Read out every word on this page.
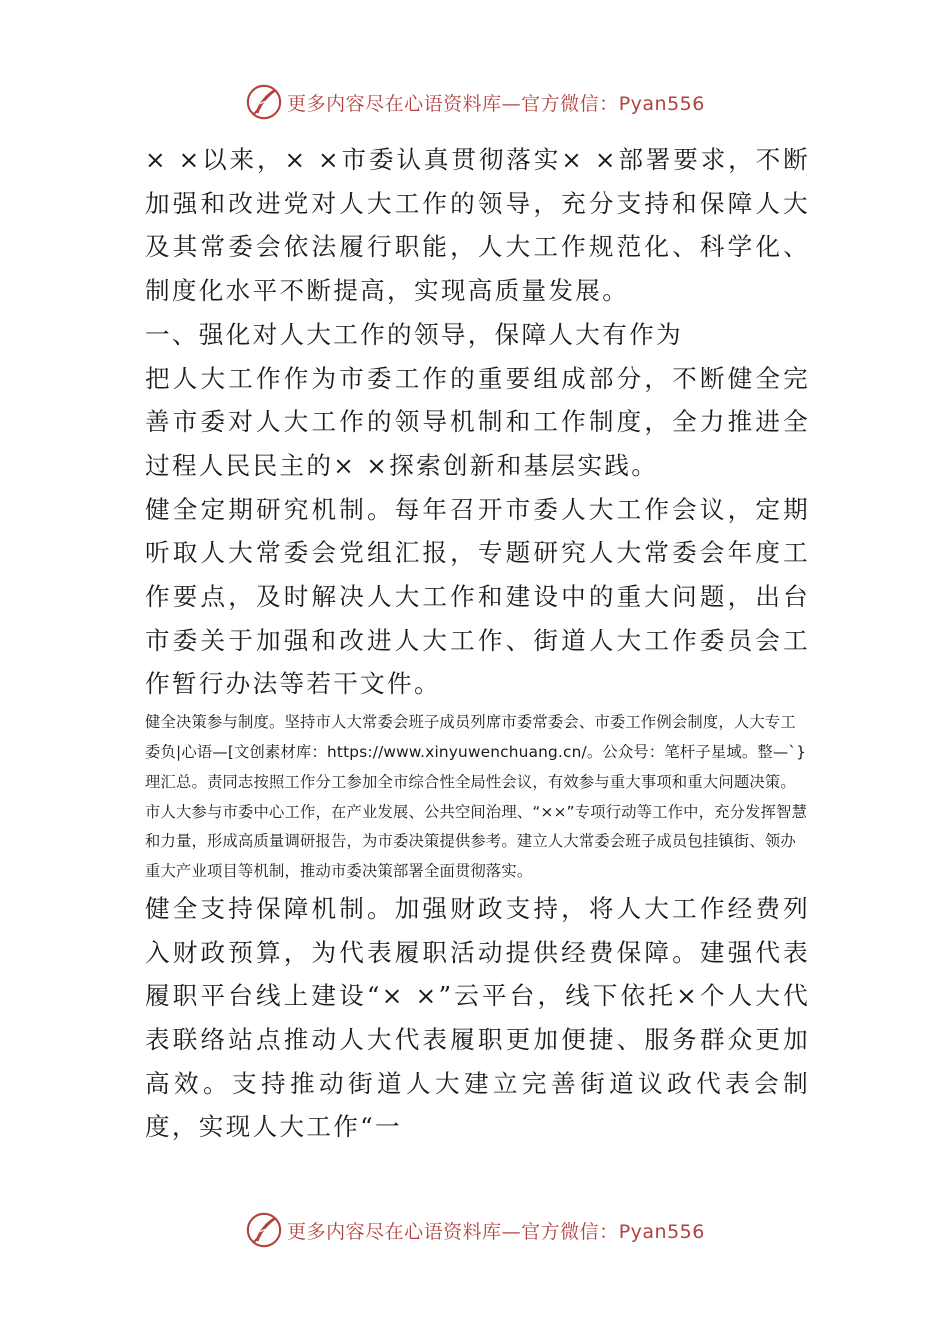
更多内容尽在心语资料库—官方微信：Pyan556

× ×以来，× ×市委认真贯彻落实× ×部署要求，不断加强和改进党对人大工作的领导，充分支持和保障人大及其常委会依法履行职能，人大工作规范化、科学化、制度化水平不断提高，实现高质量发展。

一、强化对人大工作的领导，保障人大有作为

把人大工作作为市委工作的重要组成部分，不断健全完善市委对人大工作的领导机制和工作制度，全力推进全过程人民民主的× ×探索创新和基层实践。

健全定期研究机制。每年召开市委人大工作会议，定期听取人大常委会党组汇报，专题研究人大常委会年度工作要点，及时解决人大工作和建设中的重大问题，出台市委关于加强和改进人大工作、街道人大工作委员会工作暂行办法等若干文件。

健全决策参与制度。坚持市人大常委会班子成员列席市委常委会、市委工作例会制度，人大专工委负|心语—[文创素材库：https://www.xinyuwenchuang.cn/。公众号：笔杆子星域。整—`}理汇总。责同志按照工作分工参加全市综合性全局性会议，有效参与重大事项和重大问题决策。市人大参与市委中心工作，在产业发展、公共空间治理、“××”专项行动等工作中，充分发挥智慧和力量，形成高质量调研报告，为市委决策提供参考。建立人大常委会班子成员包挂镇街、领办重大产业项目等机制，推动市委决策部署全面贯彻落实。

健全支持保障机制。加强财政支持，将人大工作经费列入财政预算，为代表履职活动提供经费保障。建强代表履职平台线上建设“× ×”云平台，线下依托×个人大代表联络站点推动人大代表履职更加便捷、服务群众更加高效。支持推动街道人大建立完善街道议政代表会制度，实现人大工作“一

更多内容尽在心语资料库—官方微信：Pyan556
